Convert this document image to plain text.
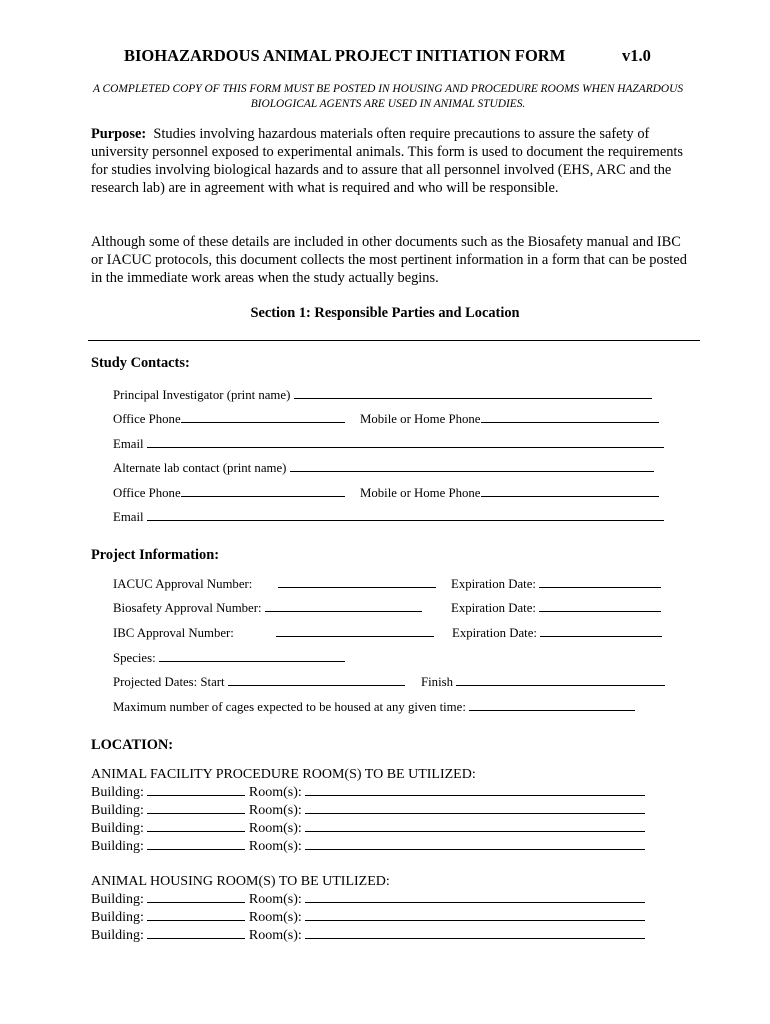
BIOHAZARDOUS ANIMAL PROJECT INITIATION FORM	v1.0
A COMPLETED COPY OF THIS FORM MUST BE POSTED IN HOUSING AND PROCEDURE ROOMS WHEN HAZARDOUS BIOLOGICAL AGENTS ARE USED IN ANIMAL STUDIES.
Purpose: Studies involving hazardous materials often require precautions to assure the safety of university personnel exposed to experimental animals. This form is used to document the requirements for studies involving biological hazards and to assure that all personnel involved (EHS, ARC and the research lab) are in agreement with what is required and who will be responsible.
Although some of these details are included in other documents such as the Biosafety manual and IBC or IACUC protocols, this document collects the most pertinent information in a form that can be posted in the immediate work areas when the study actually begins.
Section 1: Responsible Parties and Location
Study Contacts:
Principal Investigator (print name)
Office Phone	Mobile or Home Phone
Email
Alternate lab contact (print name)
Office Phone	Mobile or Home Phone
Email
Project Information:
IACUC Approval Number:	Expiration Date:
Biosafety Approval Number:	Expiration Date:
IBC Approval Number:	Expiration Date:
Species:
Projected Dates: Start	Finish
Maximum number of cages expected to be housed at any given time:
LOCATION:
ANIMAL FACILITY PROCEDURE ROOM(S) TO BE UTILIZED:
Building:	Room(s):
Building:	Room(s):
Building:	Room(s):
Building:	Room(s):
ANIMAL HOUSING ROOM(S) TO BE UTILIZED:
Building:	Room(s):
Building:	Room(s):
Building:	Room(s):
